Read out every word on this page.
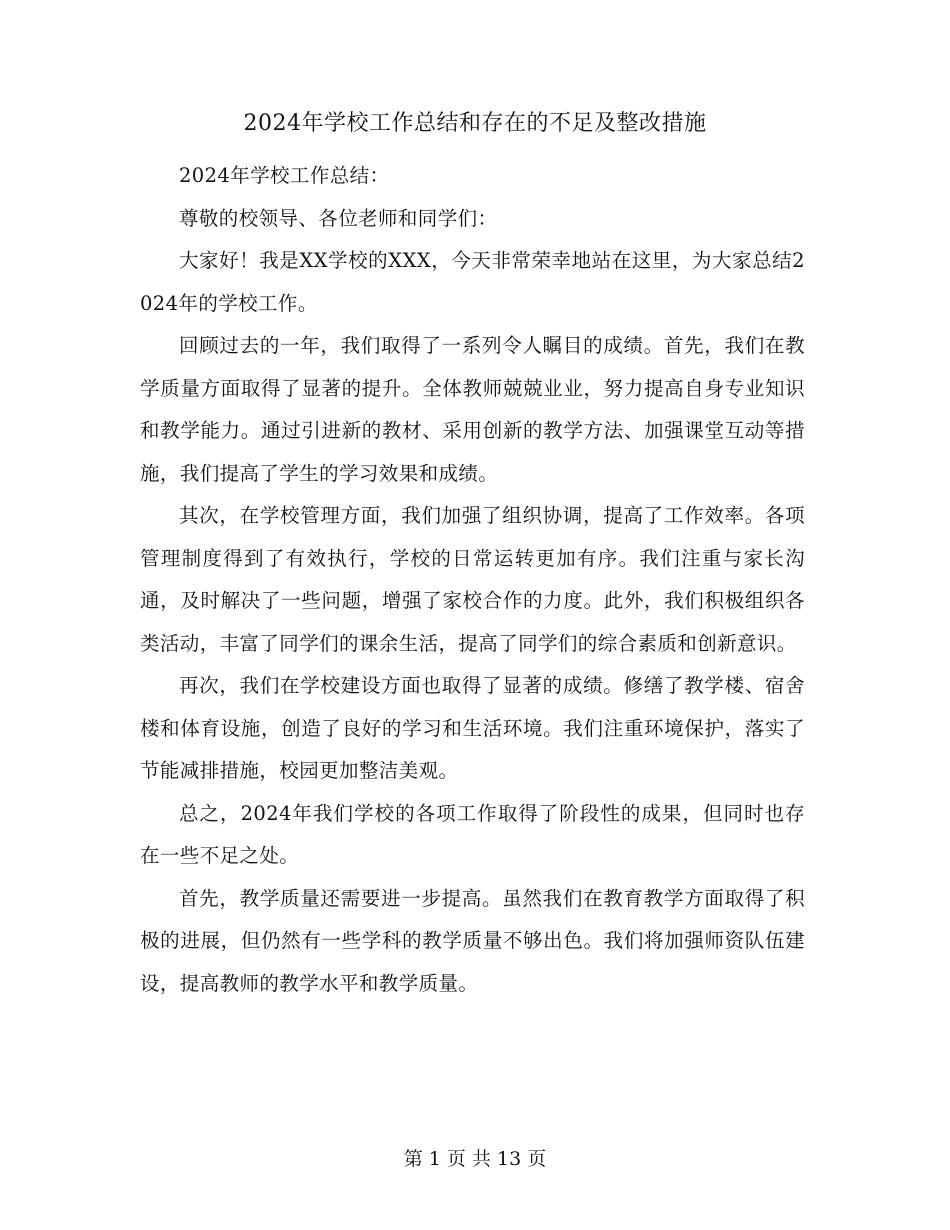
2024年学校工作总结和存在的不足及整改措施

2024年学校工作总结：

尊敬的校领导、各位老师和同学们：

大家好！我是XX学校的XXX，今天非常荣幸地站在这里，为大家总结2024年的学校工作。

回顾过去的一年，我们取得了一系列令人瞩目的成绩。首先，我们在教学质量方面取得了显著的提升。全体教师兢兢业业，努力提高自身专业知识和教学能力。通过引进新的教材、采用创新的教学方法、加强课堂互动等措施，我们提高了学生的学习效果和成绩。

其次，在学校管理方面，我们加强了组织协调，提高了工作效率。各项管理制度得到了有效执行，学校的日常运转更加有序。我们注重与家长沟通，及时解决了一些问题，增强了家校合作的力度。此外，我们积极组织各类活动，丰富了同学们的课余生活，提高了同学们的综合素质和创新意识。

再次，我们在学校建设方面也取得了显著的成绩。修缮了教学楼、宿舍楼和体育设施，创造了良好的学习和生活环境。我们注重环境保护，落实了节能减排措施，校园更加整洁美观。

总之，2024年我们学校的各项工作取得了阶段性的成果，但同时也存在一些不足之处。

首先，教学质量还需要进一步提高。虽然我们在教育教学方面取得了积极的进展，但仍然有一些学科的教学质量不够出色。我们将加强师资队伍建设，提高教师的教学水平和教学质量。

第 1 页 共 13 页
